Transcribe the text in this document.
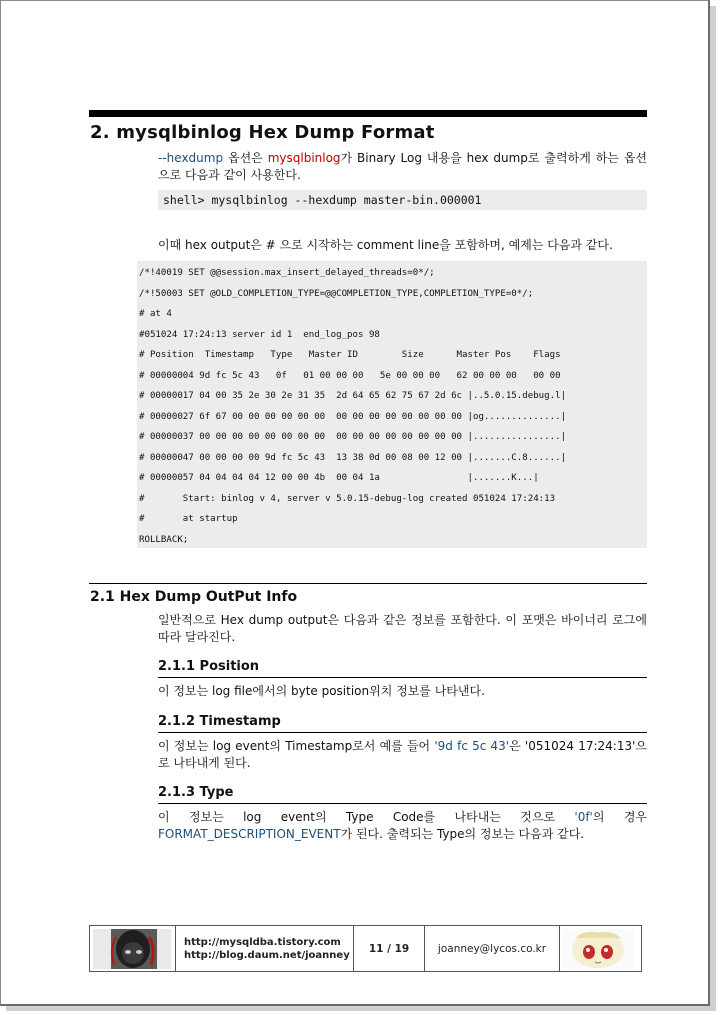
2. mysqlbinlog Hex Dump Format
--hexdump 옵션은 mysqlbinlog가 Binary Log 내용을 hex dump로 출력하게 하는 옵션으로 다음과 같이 사용한다.
shell> mysqlbinlog --hexdump master-bin.000001
이때 hex output은 # 으로 시작하는 comment line을 포함하며, 예제는 다음과 같다.
/*!40019 SET @@session.max_insert_delayed_threads=0*/;
/*!50003 SET @OLD_COMPLETION_TYPE=@@COMPLETION_TYPE,COMPLETION_TYPE=0*/;
# at 4
#051024 17:24:13 server id 1  end_log_pos 98
# Position  Timestamp   Type   Master ID        Size      Master Pos    Flags
# 00000004 9d fc 5c 43   0f   01 00 00 00   5e 00 00 00   62 00 00 00   00 00
# 00000017 04 00 35 2e 30 2e 31 35  2d 64 65 62 75 67 2d 6c |..5.0.15.debug.l|
# 00000027 6f 67 00 00 00 00 00 00  00 00 00 00 00 00 00 00 |og..............|
# 00000037 00 00 00 00 00 00 00 00  00 00 00 00 00 00 00 00 |................|
# 00000047 00 00 00 00 9d fc 5c 43  13 38 0d 00 08 00 12 00 |.......C.8......|
# 00000057 04 04 04 04 12 00 00 4b  00 04 1a                |.......K...|
#       Start: binlog v 4, server v 5.0.15-debug-log created 051024 17:24:13
#       at startup
ROLLBACK;
2.1 Hex Dump OutPut Info
일반적으로 Hex dump output은 다음과 같은 정보를 포함한다. 이 포맷은 바이너리 로그에 따라 달라진다.
2.1.1 Position
이 정보는 log file에서의 byte position위치 정보를 나타낸다.
2.1.2 Timestamp
이 정보는 log event의 Timestamp로서 예를 들어 '9d fc 5c 43'은 '051024 17:24:13'으로 나타내게 된다.
2.1.3 Type
이 정보는 log event의 Type Code를 나타내는 것으로 '0f'의 경우 FORMAT_DESCRIPTION_EVENT가 된다. 출력되는 Type의 정보는 다음과 같다.
http://mysqldba.tistory.com
http://blog.daum.net/joanney
11 / 19	joanney@lycos.co.kr
